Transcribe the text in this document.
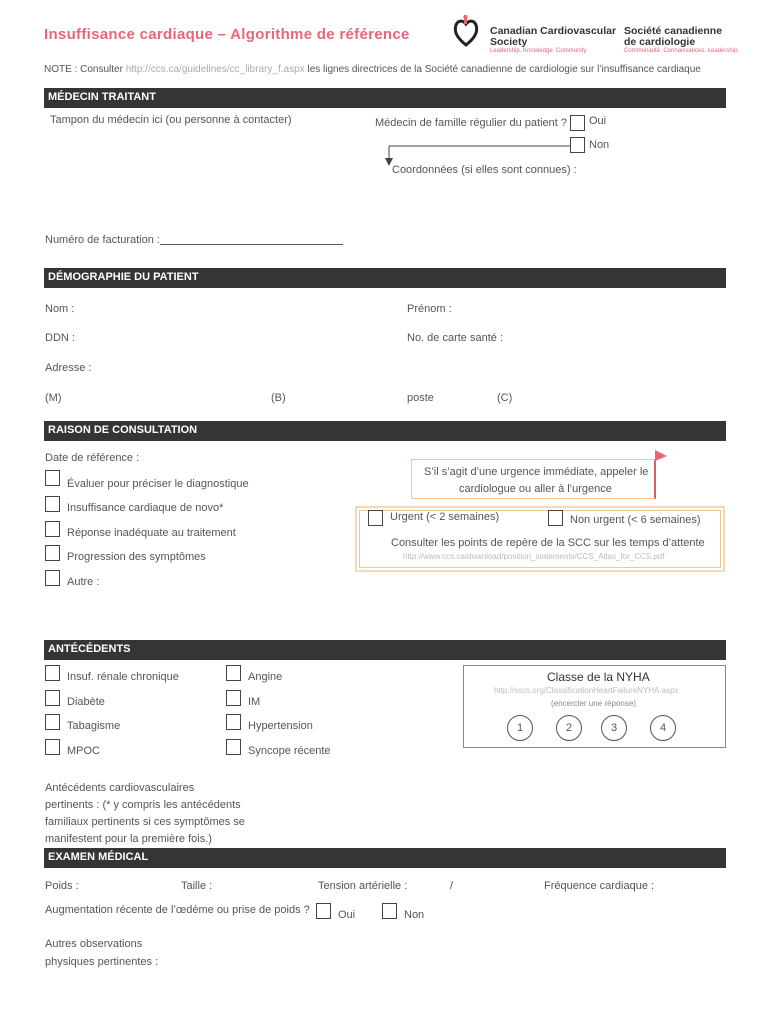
Insuffisance cardiaque – Algorithme de référence	Canadian Cardiovascular
Society
Leadership. Knowledge. Community.
Société canadienne
de cardiologie
Communauté. Connaissances. Leadership.
NOTE : Consulter http://ccs.ca/guidelines/cc_library_f.aspx les lignes directrices de la Société canadienne de cardiologie sur l’insuffisance cardiaque
MÉDECIN TRAITANT
Tampon du médecin ici (ou personne à contacter)	Médecin de famille régulier du patient ? Oui
Non
Coordonnées (si elles sont connues) :
Numéro de facturation :
DÉMOGRAPHIE DU PATIENT
Nom :	Prénom :
DDN :	No. de carte santé :
Adresse :
(M)	(B)	poste	(C)
RAISON DE CONSULTATION
Date de référence :
Évaluer pour préciser le diagnostique
Insuffisance cardiaque de novo*
Réponse inadéquate au traitement
Progression des symptômes
Autre :
S’il s’agit d’une urgence immédiate, appeler le
cardiologue ou aller à l’urgence
Urgent (< 2 semaines)	Non urgent (< 6 semaines)
Consulter les points de repère de la SCC sur les temps d’attente
http://www.ccs.ca/download/position_statements/CCS_Atlas_for_CCS.pdf
ANTÉCÉDENTS
Insuf. rénale chronique
Diabète
Tabagisme
MPOC
Angine
IM
Hypertension
Syncope récente
Classe de la NYHA
http://sscs.org/ClassificationHeartFailureNYHA.aspx
(encercler une réponse)
1	2	3	4
Antécédents cardiovasculaires
pertinents : (* y compris les antécédents
familiaux pertinents si ces symptômes se
manifestent pour la première fois.)
EXAMEN MÉDICAL
Poids :	Taille :	Tension artérielle :	/	Fréquence cardiaque :
Augmentation récente de l’œdème ou prise de poids ?	Oui	Non
Autres observations
physiques pertinentes :
